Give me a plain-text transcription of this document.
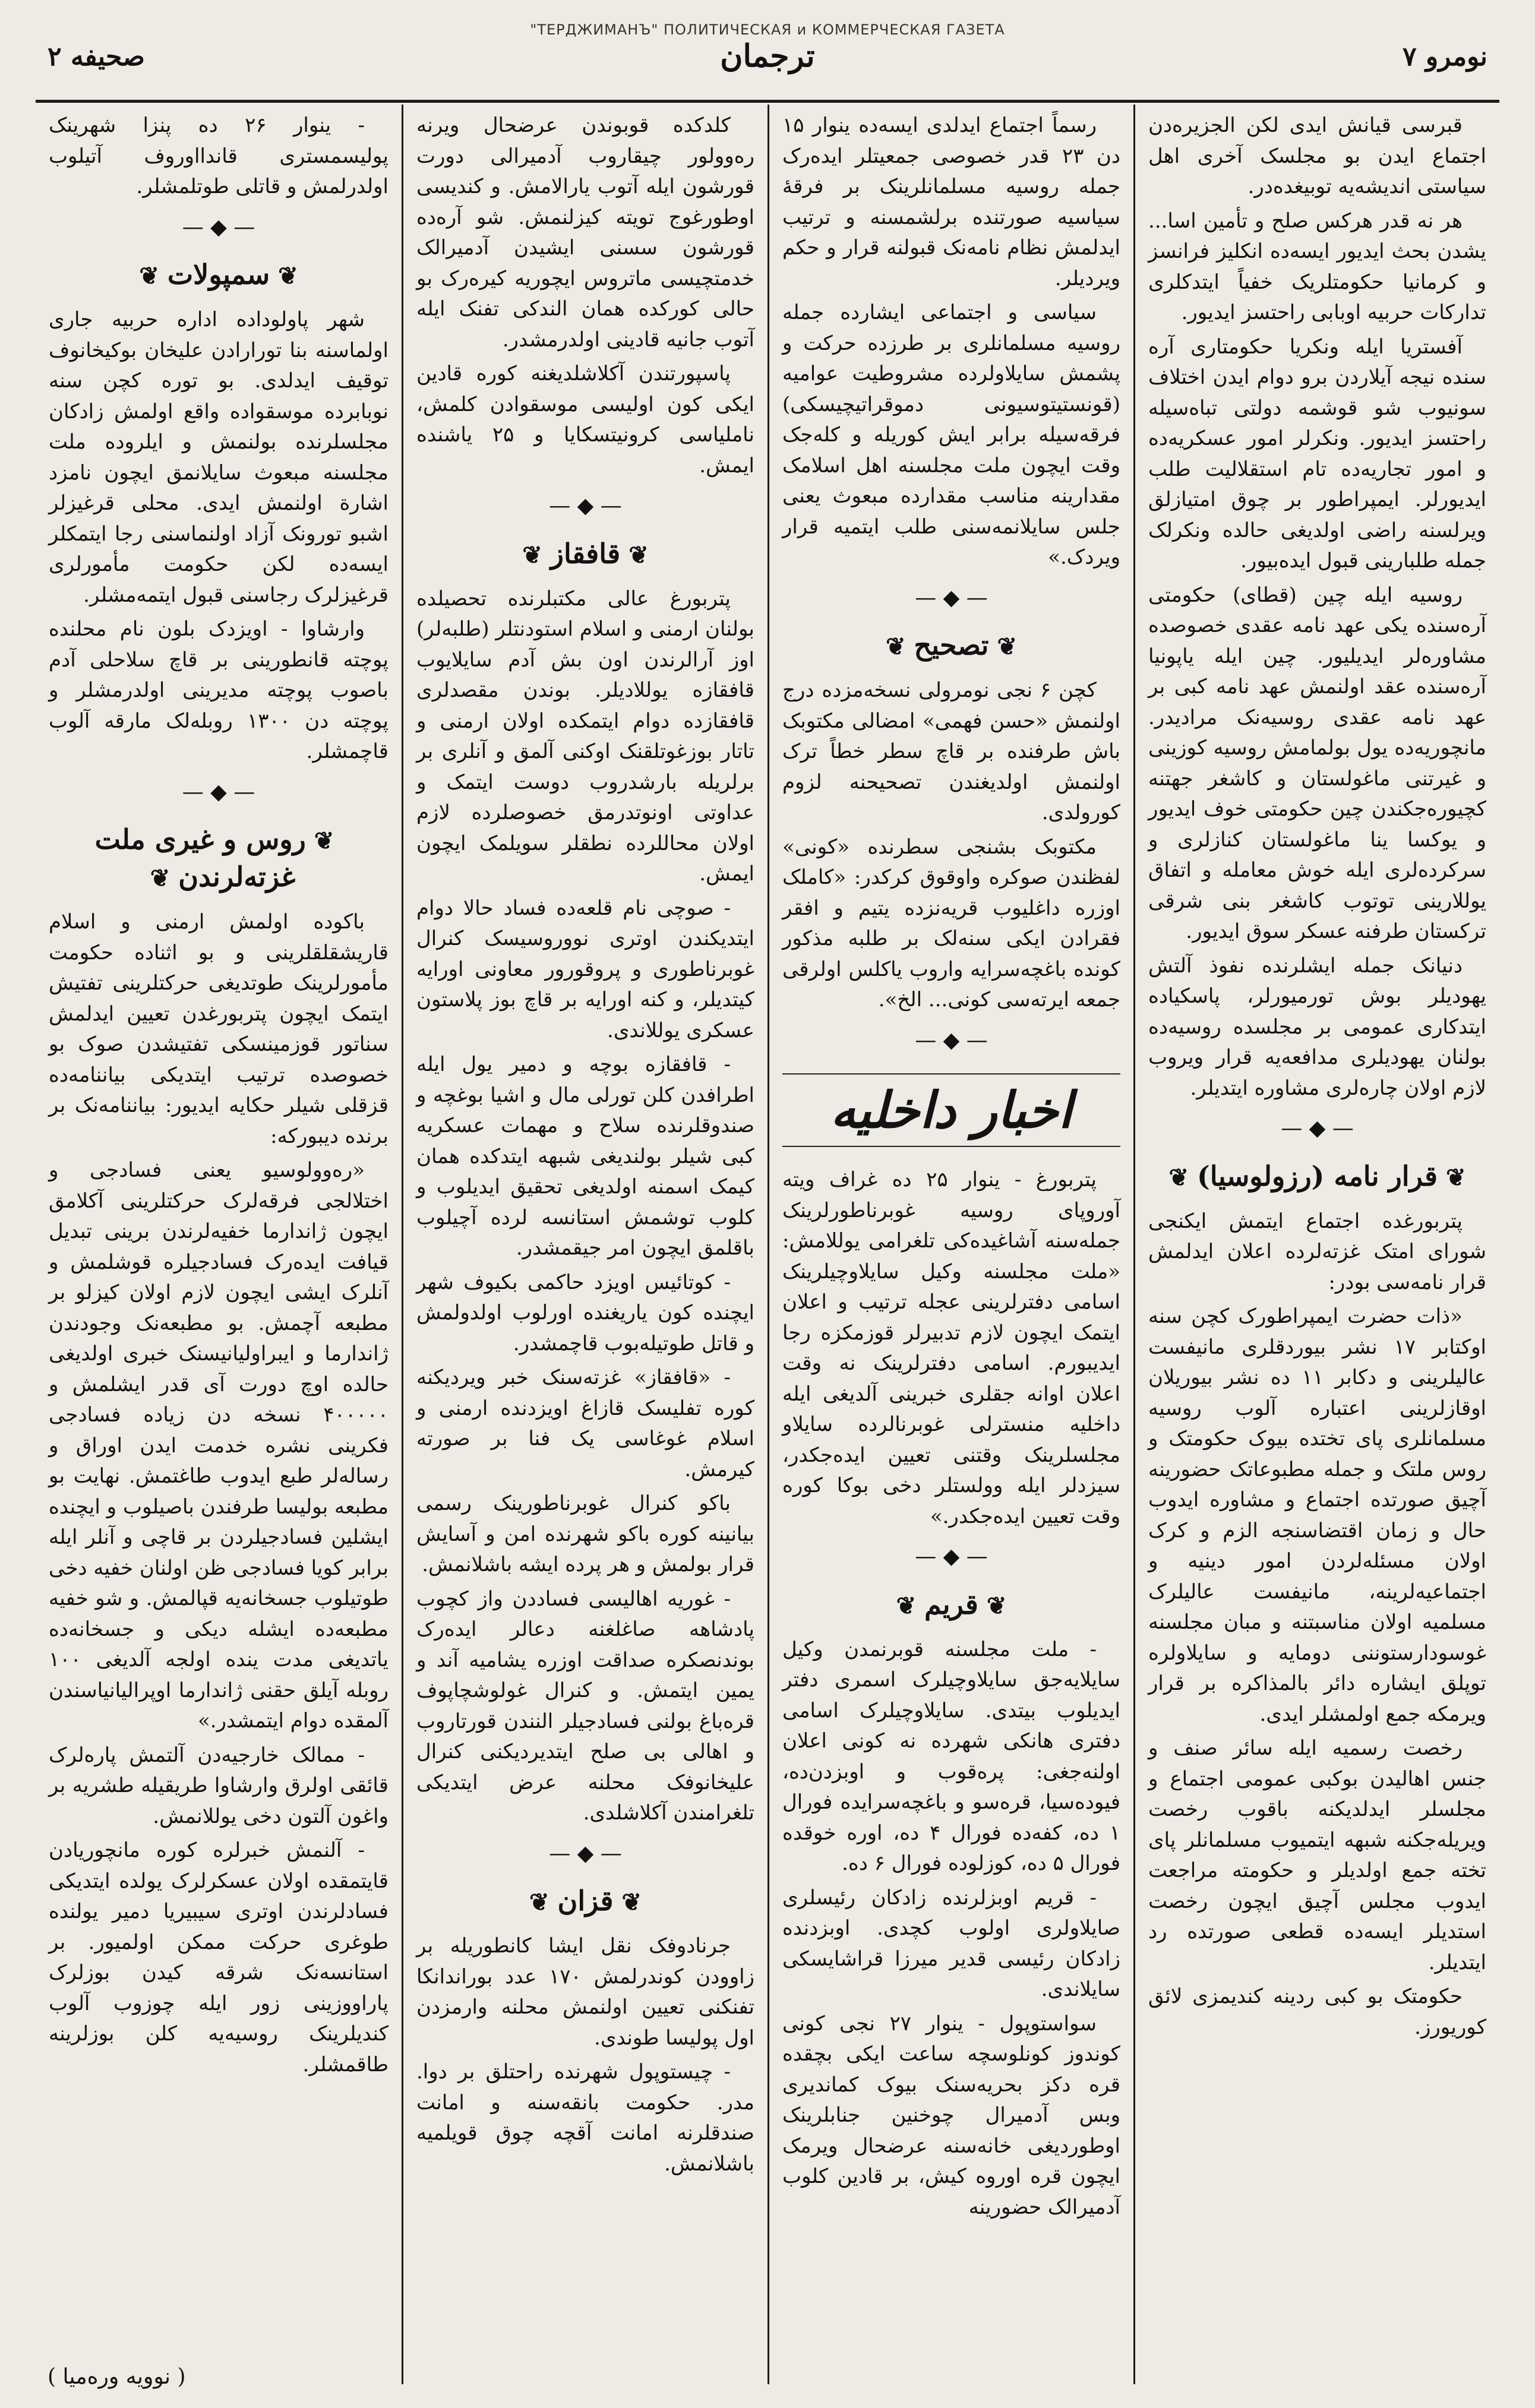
"ТЕРДЖИМАНЪ" ПОЛИТИЧЕСКАЯ и КОММЕРЧЕСКАЯ ГАЗЕТА
نومرو ۷
ترجمان
صحيفه ۲

قبرسی قیانش ایدی لکن الجزیره‌دن اجتماع ایدن بو مجلسک آخری اهل سیاستی اندیشه‌یه توبیغده‌در.

هر نه قدر هرکس صلح و تأمین اسا... یشدن بحث ایدیور ایسه‌ده انکلیز فرانسز و کرمانیا حکومتلریک خفیاً ایتدکلری تدارکات حربیه اوبابی راحتسز ایدیور.

آفستریا ایله ونکریا حکومتاری آره سنده نیجه آیلاردن برو دوام ایدن اختلاف سونیوب شو قوشمه دولتی تباه‌سیله راحتسز ایدیور. ونکرلر امور عسکریه‌ده و امور تجاریه‌ده تام استقلالیت طلب ایدیورلر. ایمپراطور بر چوق امتیازلق ویرلسنه راضی اولدیغی حالده ونکرلک جمله طلبارینی قبول ایده‌بیور.

روسیه ایله چین (قطای) حکومتی آره‌سنده یکی عهد نامه عقدی خصوصده مشاوره‌لر ایدیلیور. چین ایله یاپونیا آره‌سنده عقد اولنمش عهد نامه کبی بر عهد نامه عقدی روسیه‌نک مرادیدر. مانچوریه‌ده یول بولمامش روسیه کوزینی و غیرتنی ماغولستان و کاشغر جهتنه کچیوره‌جکندن چین حکومتی خوف ایدیور و یوکسا ینا ماغولستان کنازلری و سرکرده‌لری ایله خوش معامله و اتفاق یوللارینی توتوب کاشغر بنی شرقی ترکستان طرفنه عسکر سوق ایدیور.

دنیانک جمله ایشلرنده نفوذ آلتش یهودیلر بوش تورمیورلر، پاسکیاده ایتدکاری عمومی بر مجلسده روسیه‌ده بولنان یهودیلری مدافعه‌یه قرار ویروب لازم اولان چاره‌لری مشاوره ایتدیلر.

— ◆ —
❦قرار نامه (رزولوسیا)❦

پتربورغده اجتماع ایتمش ایکنجی شورای امتک غزته‌لرده اعلان ایدلمش قرار نامه‌سی بودر:

«ذات حضرت ایمپراطورک کچن سنه اوکتابر ۱۷ نشر بیوردقلری مانیفست عالیلرینی و دکابر ۱۱ ده نشر بیوریلان اوقازلرینی اعتباره آلوب روسیه مسلمانلری پای تختده بیوک حکومتک و روس ملتک و جمله مطبوعاتک حضورینه آچیق صورتده اجتماع و مشاوره ایدوب حال و زمان اقتضاسنجه الزم و کرک اولان مسئله‌لردن امور دینیه و اجتماعیه‌لرینه، مانیفست عالیلرک مسلمیه اولان مناسبتنه و مبان مجلسنه غوسودارستوننی دومایه و سایلاولره توپلق ایشاره دائر بالمذاکره بر قرار ویرمکه جمع اولمشلر ایدی.

رخصت رسمیه ایله سائر صنف و جنس اهالیدن بوکبی عمومی اجتماع و مجلسلر ایدلدیکنه باقوب رخصت ویریله‌جکنه شبهه ایتمیوب مسلمانلر پای تخته جمع اولدیلر و حکومته مراجعت ایدوب مجلس آچیق ایچون رخصت استدیلر ایسه‌ده قطعی صورتده رد ایتدیلر.

حکومتک بو کبی ردینه کندیمزی لائق کوریورز.

رسماً اجتماع ایدلدی ایسه‌ده ینوار ۱۵ دن ۲۳ قدر خصوصی جمعیتلر ایده‌رک جمله روسیه مسلمانلرینک بر فرقهٔ سیاسیه صورتنده برلشمسنه و ترتیب ایدلمش نظام نامه‌نک قبولنه قرار و حکم ویردیلر.

سیاسی و اجتماعی ایشارده جمله روسیه مسلمانلری بر طرزده حرکت و پشمش سایلاولرده مشروطیت عوامیه (قونستیتوسیونی دموقراتیچیسکی) فرقه‌سیله برابر ایش کوریله و کله‌جک وقت ایچون ملت مجلسنه اهل اسلامک مقدارینه مناسب مقدارده مبعوث یعنی جلس سایلانمه‌سنی طلب ایتمیه قرار ویردک.»

— ◆ —
❦تصحیح❦

کچن ۶ نجی نومرولی نسخه‌مزده درج اولنمش «حسن فهمی» امضالی مکتوبک باش طرفنده بر قاچ سطر خطاً ترک اولنمش اولدیغندن تصحیحنه لزوم کورولدی.

مکتوبک بشنجی سطرنده «کونی» لفظندن صوکره واوقوق کرکدر: «کاملک اوزره داغلیوب قریه‌نزده یتیم و افقر فقرادن ایکی سنه‌لک بر طلبه مذکور کونده باغچه‌سرایه واروب یاکلس اولرقی جمعه ایرته‌سی کونی... الخ».

— ◆ —
اخبار داخلیه

پتربورغ - ینوار ۲۵ ده غراف ویته آوروپای روسیه غوبرناطورلرینک جمله‌سنه آشاغیده‌کی تلغرامی یوللامش: «ملت مجلسنه وکیل سایلاوچیلرینک اسامی دفترلرینی عجله ترتیب و اعلان ایتمک ایچون لازم تدبیرلر قوزمکزه رجا ایدیبورم. اسامی دفترلرینک نه وقت اعلان اوانه جقلری خبرینی آلدیغی ایله داخلیه منسترلی غوبرنالرده سایلاو مجلسلرینک وقتنی تعیین ایده‌جکدر، سیزدلر ایله وولستلر دخی بوکا کوره وقت تعیین ایده‌جکدر.»

— ◆ —
❦قریم❦

- ملت مجلسنه قوبرنمدن وکیل سایلایه‌جق سایلاوچیلرک اسمری دفتر ایدیلوب بیتدی. سایلاوچیلرک اسامی دفتری هانکی شهرده نه کونی اعلان اولنه‌جغی: پره‌قوب و اوبزدن‌ده، فیوده‌سیا، قره‌سو و باغچه‌سرایده فورال ۱ ده، کفه‌ده فورال ۴ ده، اوره خوقده فورال ۵ ده، کوزلوده فورال ۶ ده.

- قریم اوبزلرنده زادکان رئیسلری صایلاولری اولوب کچدی. اوبزدنده زادکان رئیسی قدیر میرزا قراشایسکی سایلاندی.

سواستوپول - ینوار ۲۷ نجی کونی کوندوز کونلوسچه ساعت ایکی بچقده قره دکز بحریه‌سنک بیوک کماندیری وبس آدمیرال چوخنین جنابلرینک اوطوردیغی خانه‌سنه عرضحال ویرمک ایچون قره اوروه کیش، بر قادین کلوب آدمیرالک حضورینه

کلدکده قوبوندن عرضحال ویرنه ره‌وولور چیقاروب آدمیرالی دورت قورشون ایله آتوب یارالامش. و کندیسی اوطورغوج تویته کیزلنمش. شو آره‌ده قورشون سسنی ایشیدن آدمیرالک خدمتچیسی ماتروس ایچوریه کیره‌رک بو حالی کورکده همان الندکی تفنک ایله آتوب جانیه قادینی اولدرمشدر.

پاسپورتندن آکلاشلدیغنه کوره قادین ایکی کون اولیسی موسقوادن کلمش، ناملیاسی کرونیتسکایا و ۲۵ یاشنده ایمش.

— ◆ —
❦قافقاز❦

پتربورغ عالی مکتبلرنده تحصیلده بولنان ارمنی و اسلام استودنتلر (طلبه‌لر) اوز آرالرندن اون بش آدم سایلایوب قافقازه یوللادیلر. بوندن مقصدلری قافقازده دوام ایتمکده اولان ارمنی و تاتار بوزغوتلقنک اوکنی آلمق و آنلری بر برلریله بارشدروب دوست ایتمک و عداوتی اونوتدرمق خصوصلرده لازم اولان محاللرده نطقلر سویلمک ایچون ایمش.

- صوچی نام قلعه‌ده فساد حالا دوام ایتدیکندن اوتری نووروسیسک کنرال غوبرناطوری و پروقورور معاونی اورایه کیتدیلر، و کنه اورایه بر قاچ بوز پلاستون عسکری یوللاندی.

- قافقازه بوچه و دمیر یول ایله اطرافدن کلن تورلی مال و اشیا بوغچه و صندوقلرنده سلاح و مهمات عسکریه کبی شیلر بولندیغی شبهه ایتدکده همان کیمک اسمنه اولدیغی تحقیق ایدیلوب و کلوب توشمش استانسه لرده آچیلوب باقلمق ایچون امر جیقمشدر.

- کوتائیس اویزد حاکمی بکیوف شهر ایچنده کون یاریغنده اورلوب اولدولمش و قاتل طوتیله‌بوب قاچمشدر.

- «قافقاز» غزته‌سنک خبر ویردیکنه کوره تفلیسک قازاغ اویزدنده ارمنی و اسلام غوغاسی یک فنا بر صورته کیرمش.

باکو کنرال غوبرناطورینک رسمی بیانینه کوره باکو شهرنده امن و آسایش قرار بولمش و هر پرده ایشه باشلانمش.

- غوریه اهالیسی فساددن واز کچوب پادشاهه صاغلغنه دعالر ایده‌رک بوندنصکره صداقت اوزره یشامیه آند و یمین ایتمش. و کنرال غولوشچاپوف قره‌باغ بولنی فسادجیلر النندن قورتاروب و اهالی بی صلح ایتدیردیکنی کنرال علیخانوفک محلنه عرض ایتدیکی تلغرامندن آکلاشلدی.

— ◆ —
❦قزان❦

جرنادوفک نقل ایشا کانطوریله بر زاوودن کوندرلمش ۱۷۰ عدد بوراندانکا تفنکنی تعیین اولنمش محلنه وارمزدن اول پولیسا طوندی.

- چیستوپول شهرنده راحتلق بر دوا. مدر. حکومت بانقه‌سنه و امانت صندقلرنه امانت آقچه چوق قویلمیه باشلانمش.

- ینوار ۲۶ ده پنزا شهرینک پولیسمستری قاندااوروف آتیلوب اولدرلمش و قاتلی طوتلمشلر.

— ◆ —
❦سمپولات❦

شهر پاولوداده اداره حربیه جاری اولماسنه بنا تورارادن علیخان بوکیخانوف توقیف ایدلدی. بو توره کچن سنه نوبابرده موسقواده واقع اولمش زادکان مجلسلرنده بولنمش و ایلروده ملت مجلسنه مبعوث سایلانمق ایچون نامزد اشارة اولنمش ایدی. محلی قرغیزلر اشبو تورونک آزاد اولنماسنی رجا ایتمکلر ایسه‌ده لکن حکومت مأمورلری قرغیزلرک رجاسنی قبول ایتمه‌مشلر.

وارشاوا - اویزدک بلون نام محلنده پوچته قانطورینی بر قاچ سلاحلی آدم باصوب پوچته مدیرینی اولدرمشلر و پوچته دن ۱۳۰۰ روبله‌لک مارقه آلوب قاچمشلر.

— ◆ —
❦روس و غیری ملت غزته‌لرندن❦

باکوده اولمش ارمنی و اسلام قاریشقلقلرینی و بو اثناده حکومت مأمورلرینک طوتدیغی حرکتلرینی تفتیش ایتمک ایچون پتربورغدن تعیین ایدلمش سناتور قوزمینسکی تفتیشدن صوک بو خصوصده ترتیب ایتدیکی بیاننامه‌ده قزقلی شیلر حکایه ایدیور: بیاننامه‌نک بر برنده دیبورکه:

«ره‌وولوسیو یعنی فسادجی و اختلالجی فرقه‌لرک حرکتلرینی آکلامق ایچون ژاندارما خفیه‌لرندن برینی تبدیل قیافت ایده‌رک فسادجیلره قوشلمش و آنلرک ایشی ایچون لازم اولان کیزلو بر مطبعه آچمش. بو مطبعه‌نک وجودندن ژاندارما و ایبراولیانیسنک خبری اولدیغی حالده اوچ دورت آی قدر ایشلمش و ۴۰۰۰۰۰ نسخه دن زیاده فسادجی فکرینی نشره خدمت ایدن اوراق و رساله‌لر طبع ایدوب طاغتمش. نهایت بو مطبعه بولیسا طرفندن باصیلوب و ایچنده ایشلین فسادجیلردن بر قاچی و آنلر ایله برابر کویا فسادجی ظن اولنان خفیه دخی طوتیلوب جسخانه‌یه قپالمش. و شو خفیه مطبعه‌ده ایشله دیکی و جسخانه‌ده یاتدیغی مدت ینده اولجه آلدیغی ۱۰۰ روبله آیلق حقنی ژاندارما اوپرالیانیاسندن آلمقده دوام ایتمشدر.»

- ممالک خارجیه‌دن آلتمش پاره‌لرک قائقی اولرق وارشاوا طریقیله طشریه بر واغون آلتون دخی یوللانمش.

- آلنمش خبرلره کوره مانچوریادن قایتمقده اولان عسکرلرک یولده ایتدیکی فسادلرندن اوتری سیبیریا دمیر یولنده طوغری حرکت ممکن اولمیور. بر استانسه‌نک شرقه کیدن بوزلرک پاراووزینی زور ایله چوزوب آلوب کندیلرینک روسیه‌یه کلن بوزلرینه طاقمشلر.

( نوویه وره‌میا )
